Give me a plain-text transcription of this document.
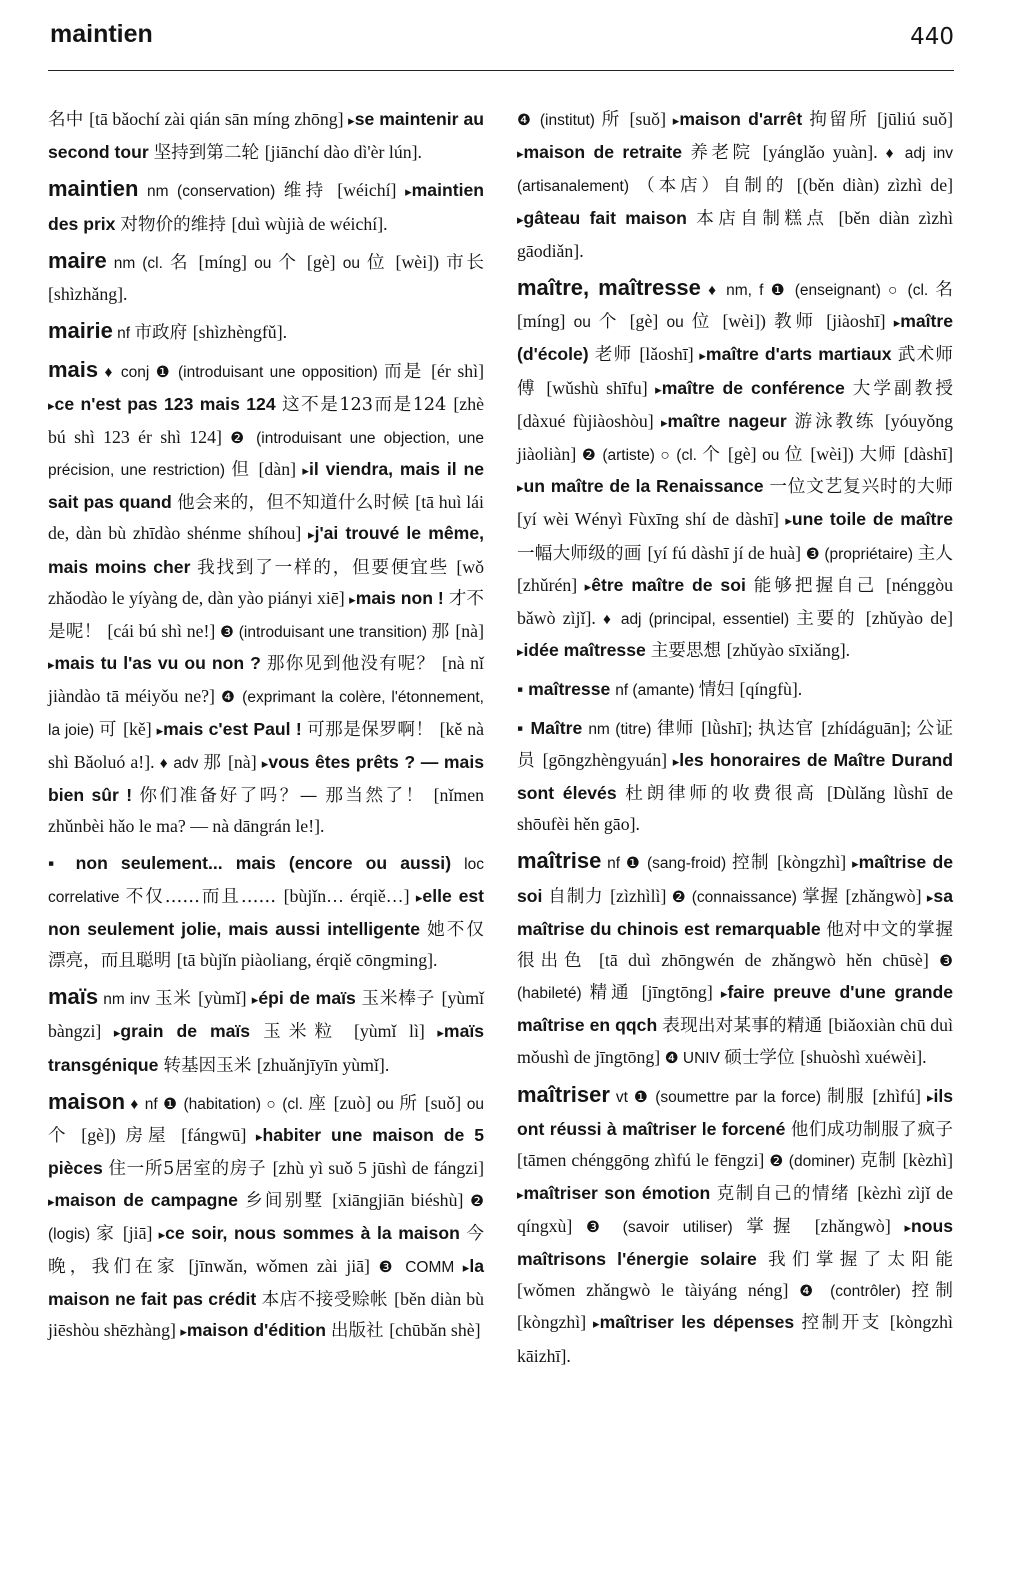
maintien	440

名中 [tā bǎochí zài qián sān míng zhōng] ▸se maintenir au second tour 坚持到第二轮 [jiānchí dào dì'èr lún].

maintien nm (conservation) 维持 [wéichí] ▸maintien des prix 对物价的维持 [duì wùjià de wéichí].

maire nm (cl. 名 [míng] ou 个 [gè] ou 位 [wèi]) 市长 [shìzhǎng].

mairie nf 市政府 [shìzhèngfǔ].

mais ♦ conj ❶ (introduisant une opposition) 而是 [ér shì] ▸ce n'est pas 123 mais 124 这不是123而是124 [zhè bú shì 123 ér shì 124] ❷ (introduisant une objection, une précision, une restriction) 但 [dàn] ▸il viendra, mais il ne sait pas quand 他会来的，但不知道什么时候 [tā huì lái de, dàn bù zhīdào shénme shíhou] ▸j'ai trouvé le même, mais moins cher 我找到了一样的，但要便宜些 [wǒ zhǎodào le yíyàng de, dàn yào piányi xiē] ▸mais non ! 才不是呢！ [cái bú shì ne!] ❸ (introduisant une transition) 那 [nà] ▸mais tu l'as vu ou non ? 那你见到他没有呢？ [nà nǐ jiàndào tā méiyǒu ne?] ❹ (exprimant la colère, l'étonnement, la joie) 可 [kě] ▸mais c'est Paul ! 可那是保罗啊！ [kě nà shì Bǎoluó a!]. ♦ adv 那 [nà] ▸vous êtes prêts ? — mais bien sûr ! 你们准备好了吗？— 那当然了！ [nǐmen zhǔnbèi hǎo le ma? — nà dāngrán le!].

▪ non seulement... mais (encore ou aussi) loc correlative 不仅……而且…… [bùjǐn… érqiě…] ▸elle est non seulement jolie, mais aussi intelligente 她不仅漂亮，而且聪明 [tā bùjǐn piàoliang, érqiě cōngming].

maïs nm inv 玉米 [yùmǐ] ▸épi de maïs 玉米棒子 [yùmǐ bàngzi] ▸grain de maïs 玉米粒 [yùmǐ lì] ▸maïs transgénique 转基因玉米 [zhuǎnjīyīn yùmǐ].

maison ♦ nf ❶ (habitation) ○ (cl. 座 [zuò] ou 所 [suǒ] ou 个 [gè]) 房屋 [fángwū] ▸habiter une maison de 5 pièces 住一所5居室的房子 [zhù yì suǒ 5 jūshì de fángzi] ▸maison de campagne 乡间别墅 [xiāngjiān biéshù] ❷ (logis) 家 [jiā] ▸ce soir, nous sommes à la maison 今晚，我们在家 [jīnwǎn, wǒmen zài jiā] ❸ COMM ▸la maison ne fait pas crédit 本店不接受赊帐 [běn diàn bù jiēshòu shēzhàng] ▸maison d'édition 出版社 [chūbǎn shè]

❹ (institut) 所 [suǒ] ▸maison d'arrêt 拘留所 [jūliú suǒ] ▸maison de retraite 养老院 [yánglǎo yuàn]. ♦ adj inv (artisanalement) （本店）自制的 [(běn diàn) zìzhì de] ▸gâteau fait maison 本店自制糕点 [běn diàn zìzhì gāodiǎn].

maître, maîtresse ♦ nm, f ❶ (enseignant) ○ (cl. 名 [míng] ou 个 [gè] ou 位 [wèi]) 教师 [jiàoshī] ▸maître (d'école) 老师 [lǎoshī] ▸maître d'arts martiaux 武术师傅 [wǔshù shīfu] ▸maître de conférence 大学副教授 [dàxué fùjiàoshòu] ▸maître nageur 游泳教练 [yóuyǒng jiàoliàn] ❷ (artiste) ○ (cl. 个 [gè] ou 位 [wèi]) 大师 [dàshī] ▸un maître de la Renaissance 一位文艺复兴时的大师 [yí wèi Wényì Fùxīng shí de dàshī] ▸une toile de maître 一幅大师级的画 [yí fú dàshī jí de huà] ❸ (propriétaire) 主人 [zhǔrén] ▸être maître de soi 能够把握自己 [nénggòu bǎwò zìjǐ]. ♦ adj (principal, essentiel) 主要的 [zhǔyào de] ▸idée maîtresse 主要思想 [zhǔyào sīxiǎng].

▪ maîtresse nf (amante) 情妇 [qíngfù].

▪ Maître nm (titre) 律师 [lǜshī]; 执达官 [zhídáguān]; 公证员 [gōngzhèngyuán] ▸les honoraires de Maître Durand sont élevés 杜朗律师的收费很高 [Dùlǎng lǜshī de shōufèi hěn gāo].

maîtrise nf ❶ (sang-froid) 控制 [kòngzhì] ▸maîtrise de soi 自制力 [zìzhìlì] ❷ (connaissance) 掌握 [zhǎngwò] ▸sa maîtrise du chinois est remarquable 他对中文的掌握很出色 [tā duì zhōngwén de zhǎngwò hěn chūsè] ❸ (habileté) 精通 [jīngtōng] ▸faire preuve d'une grande maîtrise en qqch 表现出对某事的精通 [biǎoxiàn chū duì mǒushì de jīngtōng] ❹ UNIV 硕士学位 [shuòshì xuéwèi].

maîtriser vt ❶ (soumettre par la force) 制服 [zhìfú] ▸ils ont réussi à maîtriser le forcené 他们成功制服了疯子 [tāmen chénggōng zhìfú le fēngzi] ❷ (dominer) 克制 [kèzhì] ▸maîtriser son émotion 克制自己的情绪 [kèzhì zìjǐ de qíngxù] ❸ (savoir utiliser) 掌握 [zhǎngwò] ▸nous maîtrisons l'énergie solaire 我们掌握了太阳能 [wǒmen zhǎngwò le tàiyáng néng] ❹ (contrôler) 控制 [kòngzhì] ▸maîtriser les dépenses 控制开支 [kòngzhì kāizhī].
